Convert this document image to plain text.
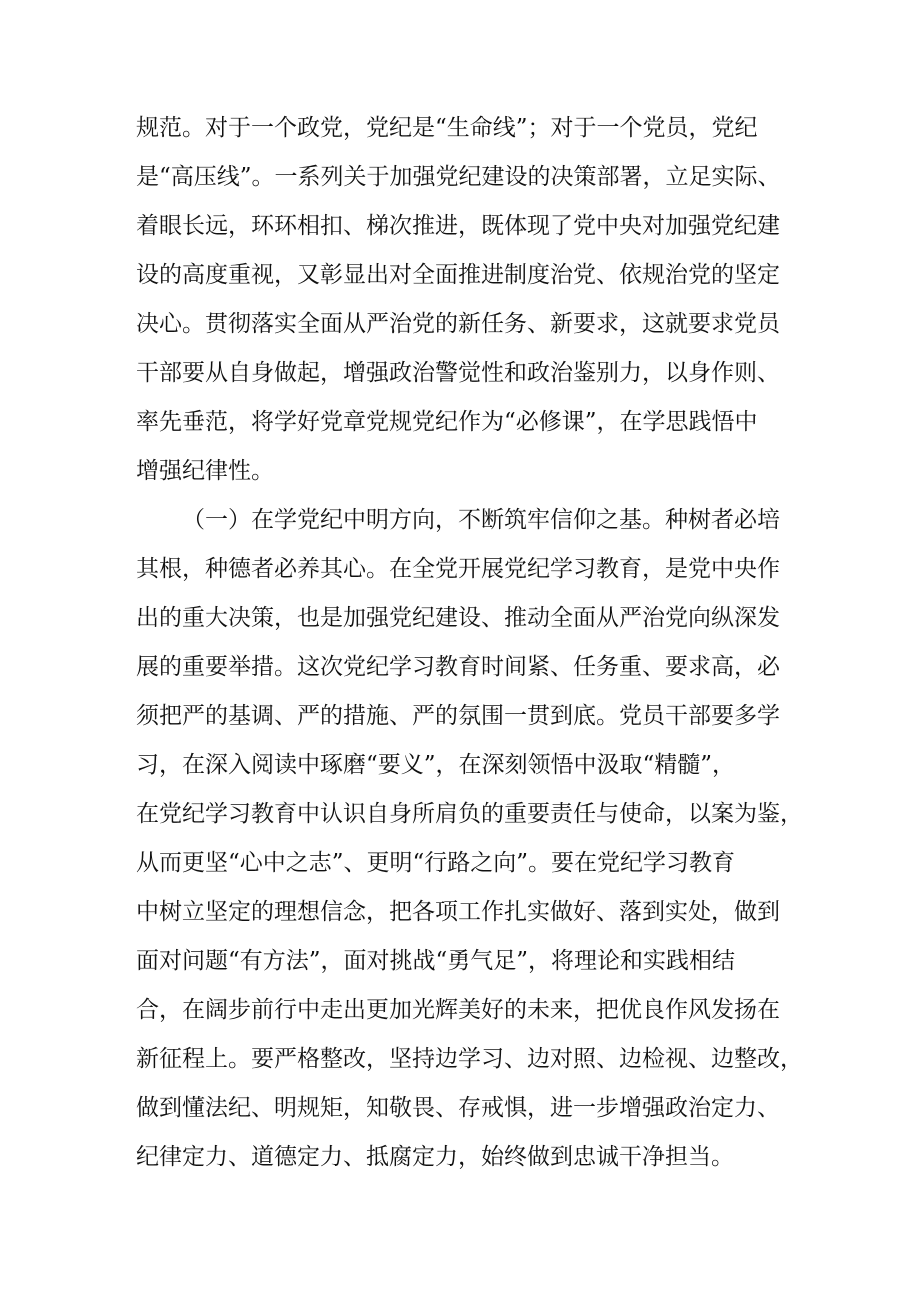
规范。对于一个政党，党纪是“生命线”；对于一个党员，党纪
是“高压线”。一系列关于加强党纪建设的决策部署，立足实际、
着眼长远，环环相扣、梯次推进，既体现了党中央对加强党纪建
设的高度重视，又彰显出对全面推进制度治党、依规治党的坚定
决心。贯彻落实全面从严治党的新任务、新要求，这就要求党员
干部要从自身做起，增强政治警觉性和政治鉴别力，以身作则、
率先垂范，将学好党章党规党纪作为“必修课”，在学思践悟中
增强纪律性。
（一）在学党纪中明方向，不断筑牢信仰之基。种树者必培
其根，种德者必养其心。在全党开展党纪学习教育，是党中央作
出的重大决策，也是加强党纪建设、推动全面从严治党向纵深发
展的重要举措。这次党纪学习教育时间紧、任务重、要求高，必
须把严的基调、严的措施、严的氛围一贯到底。党员干部要多学
习，在深入阅读中琢磨“要义”，在深刻领悟中汲取“精髓”，
在党纪学习教育中认识自身所肩负的重要责任与使命，以案为鉴，
从而更坚“心中之志”、更明“行路之向”。要在党纪学习教育
中树立坚定的理想信念，把各项工作扎实做好、落到实处，做到
面对问题“有方法”，面对挑战“勇气足”，将理论和实践相结
合，在阔步前行中走出更加光辉美好的未来，把优良作风发扬在
新征程上。要严格整改，坚持边学习、边对照、边检视、边整改，
做到懂法纪、明规矩，知敬畏、存戒惧，进一步增强政治定力、
纪律定力、道德定力、抵腐定力，始终做到忠诚干净担当。
